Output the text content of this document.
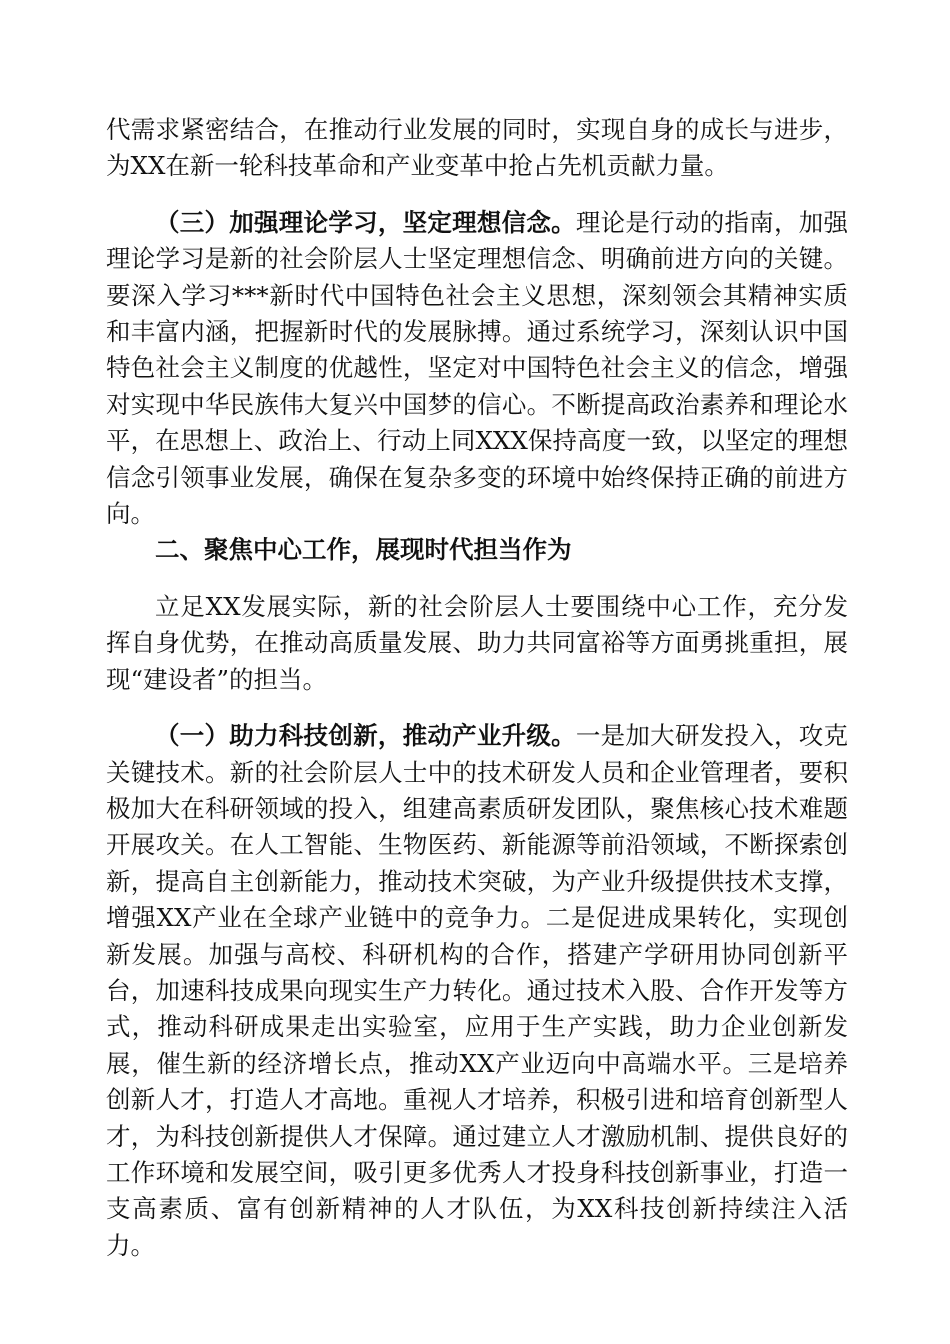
代需求紧密结合，在推动行业发展的同时，实现自身的成长与进步，为XX在新一轮科技革命和产业变革中抢占先机贡献力量。

（三）加强理论学习，坚定理想信念。理论是行动的指南，加强理论学习是新的社会阶层人士坚定理想信念、明确前进方向的关键。要深入学习***新时代中国特色社会主义思想，深刻领会其精神实质和丰富内涵，把握新时代的发展脉搏。通过系统学习，深刻认识中国特色社会主义制度的优越性，坚定对中国特色社会主义的信念，增强对实现中华民族伟大复兴中国梦的信心。不断提高政治素养和理论水平，在思想上、政治上、行动上同XXX保持高度一致，以坚定的理想信念引领事业发展，确保在复杂多变的环境中始终保持正确的前进方向。

二、聚焦中心工作，展现时代担当作为

立足XX发展实际，新的社会阶层人士要围绕中心工作，充分发挥自身优势，在推动高质量发展、助力共同富裕等方面勇挑重担，展现“建设者”的担当。

（一）助力科技创新，推动产业升级。一是加大研发投入，攻克关键技术。新的社会阶层人士中的技术研发人员和企业管理者，要积极加大在科研领域的投入，组建高素质研发团队，聚焦核心技术难题开展攻关。在人工智能、生物医药、新能源等前沿领域，不断探索创新，提高自主创新能力，推动技术突破，为产业升级提供技术支撑，增强XX产业在全球产业链中的竞争力。二是促进成果转化，实现创新发展。加强与高校、科研机构的合作，搭建产学研用协同创新平台，加速科技成果向现实生产力转化。通过技术入股、合作开发等方式，推动科研成果走出实验室，应用于生产实践，助力企业创新发展，催生新的经济增长点，推动XX产业迈向中高端水平。三是培养创新人才，打造人才高地。重视人才培养，积极引进和培育创新型人才，为科技创新提供人才保障。通过建立人才激励机制、提供良好的工作环境和发展空间，吸引更多优秀人才投身科技创新事业，打造一支高素质、富有创新精神的人才队伍，为XX科技创新持续注入活力。
